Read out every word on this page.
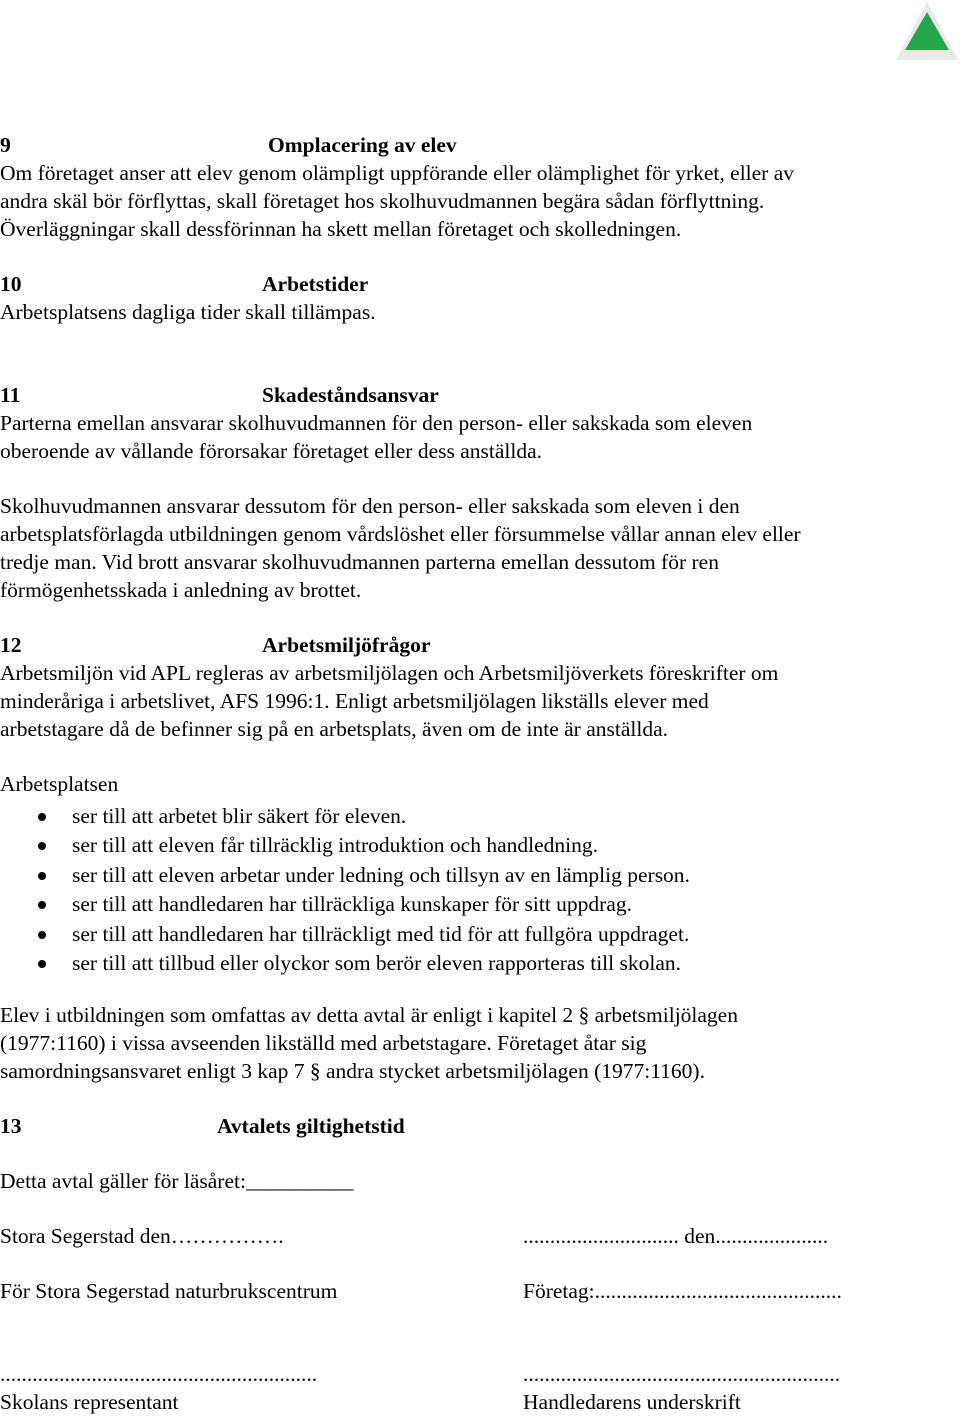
9	Omplacering av elev

Om företaget anser att elev genom olämpligt uppförande eller olämplighet för yrket, eller av
andra skäl bör förflyttas, skall företaget hos skolhuvudmannen begära sådan förflyttning.
Överläggningar skall dessförinnan ha skett mellan företaget och skolledningen.

10	Arbetstider

Arbetsplatsens dagliga tider skall tillämpas.

11	Skadeståndsansvar

Parterna emellan ansvarar skolhuvudmannen för den person- eller sakskada som eleven
oberoende av vållande förorsakar företaget eller dess anställda.

Skolhuvudmannen ansvarar dessutom för den person- eller sakskada som eleven i den
arbetsplatsförlagda utbildningen genom vårdslöshet eller försummelse vållar annan elev eller
tredje man. Vid brott ansvarar skolhuvudmannen parterna emellan dessutom för ren
förmögenhetsskada i anledning av brottet.

12	Arbetsmiljöfrågor

Arbetsmiljön vid APL regleras av arbetsmiljölagen och Arbetsmiljöverkets föreskrifter om
minderåriga i arbetslivet, AFS 1996:1. Enligt arbetsmiljölagen likställs elever med
arbetstagare då de befinner sig på en arbetsplats, även om de inte är anställda.

Arbetsplatsen

ser till att arbetet blir säkert för eleven.
ser till att eleven får tillräcklig introduktion och handledning.
ser till att eleven arbetar under ledning och tillsyn av en lämplig person.
ser till att handledaren har tillräckliga kunskaper för sitt uppdrag.
ser till att handledaren har tillräckligt med tid för att fullgöra uppdraget.
ser till att tillbud eller olyckor som berör eleven rapporteras till skolan.

Elev i utbildningen som omfattas av detta avtal är enligt i kapitel 2 § arbetsmiljölagen
(1977:1160) i vissa avseenden likställd med arbetstagare. Företaget åtar sig
samordningsansvaret enligt 3 kap 7 § andra stycket arbetsmiljölagen (1977:1160).

13	Avtalets giltighetstid

Detta avtal gäller för läsåret:__________

Stora Segerstad den…………….	............................. den.....................
För Stora Segerstad naturbrukscentrum	Företag:..............................................
...........................................................	...........................................................
Skolans representant	Handledarens underskrift
